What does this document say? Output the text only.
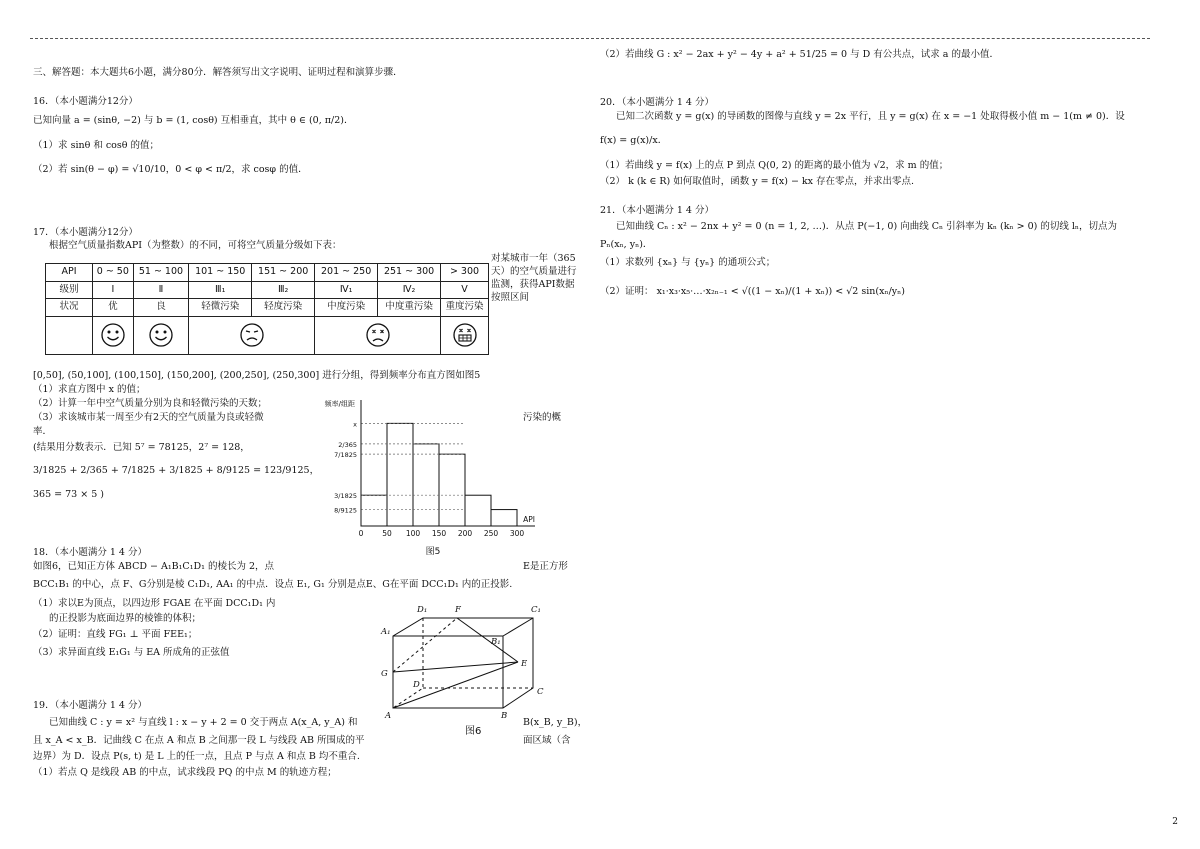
三、解答题：本大题共6小题，满分80分．解答须写出文字说明、证明过程和演算步骤．
16．（本小题满分12分）
已知向量 a = (sinθ, −2) 与 b = (1, cosθ) 互相垂直，其中 θ ∈ (0, π/2)．
（1）求 sinθ 和 cosθ 的值；
（2）若 sin(θ − φ) = √10/10，0 < φ < π/2，求 cosφ 的值．
17．（本小题满分12分）
根据空气质量指数API（为整数）的不同，可将空气质量分级如下表：
API	0 ~ 50	51 ~ 100	101 ~ 150	151 ~ 200	201 ~ 250	251 ~ 300	> 300
级别	Ⅰ	Ⅱ	Ⅲ₁	Ⅲ₂	Ⅳ₁	Ⅳ₂	Ⅴ
状况	优	良	轻微污染	轻度污染	中度污染	中度重污染	重度污染

对某城市一年（365天）的空气质量进行监测，获得API数据按照区间
[0,50], (50,100], (100,150], (150,200], (200,250], (250,300] 进行分组，得到频率分布直方图如图5
（1）求直方图中 x 的值；
（2）计算一年中空气质量分别为良和轻微污染的天数；
（3）求该城市某一周至少有2天的空气质量为良或轻微	污染的概
率．
(结果用分数表示．已知 5⁷ = 78125，2⁷ = 128，
3/1825 + 2/365 + 7/1825 + 3/1825 + 8/9125 = 123/9125，
365 = 73 × 5 )
x
2/365
7/1825
3/1825
8/9125
0	50 100 150 200 250 300
API
频率/组距
图5
18．（本小题满分 1 4 分）
如图6，已知正方体 ABCD − A₁B₁C₁D₁ 的棱长为 2，点	E是正方形
BCC₁B₁ 的中心，点 F、G分别是棱 C₁D₁, AA₁ 的中点．设点 E₁, G₁ 分别是点E、G在平面 DCC₁D₁ 内的正投影.
（1）求以E为顶点，以四边形 FGAE 在平面 DCC₁D₁ 内
的正投影为底面边界的棱锥的体积；
（2）证明：直线 FG₁ ⊥ 平面 FEE₁；
（3）求异面直线 E₁G₁ 与 EA 所成角的正弦值
D₁	F	C₁
A₁
B₁
G
E
D
C
A	B
图6
19．（本小题满分 1 4 分）
已知曲线 C : y = x² 与直线 l : x − y + 2 = 0 交于两点 A(x_A, y_A) 和	B(x_B, y_B)，
且 x_A < x_B．记曲线 C 在点 A 和点 B 之间那一段 L 与线段 AB 所围成的平	面区域（含
边界）为 D．设点 P(s, t) 是 L 上的任一点，且点 P 与点 A 和点 B 均不重合.
（1）若点 Q 是线段 AB 的中点，试求线段 PQ 的中点 M 的轨迹方程；
（2）若曲线 G : x² − 2ax + y² − 4y + a² + 51/25 = 0 与 D 有公共点，试求 a 的最小值．
20．（本小题满分 1 4 分）
已知二次函数 y = g(x) 的导函数的图像与直线 y = 2x 平行，且 y = g(x) 在 x = −1 处取得极小值 m − 1(m ≠ 0)．设
f(x) = g(x)/x．
（1）若曲线 y = f(x) 上的点 P 到点 Q(0, 2) 的距离的最小值为 √2，求 m 的值；
（2） k (k ∈ R) 如何取值时，函数 y = f(x) − kx 存在零点，并求出零点.
21．（本小题满分 1 4 分）
已知曲线 Cₙ : x² − 2nx + y² = 0 (n = 1, 2, …)．从点 P(−1, 0) 向曲线 Cₙ 引斜率为 kₙ (kₙ > 0) 的切线 lₙ，切点为
Pₙ(xₙ, yₙ)．
（1）求数列 {xₙ} 与 {yₙ} 的通项公式；
（2）证明： x₁·x₃·x₅·…·x₂ₙ₋₁ < √((1 − xₙ)/(1 + xₙ)) < √2 sin(xₙ/yₙ)
2
